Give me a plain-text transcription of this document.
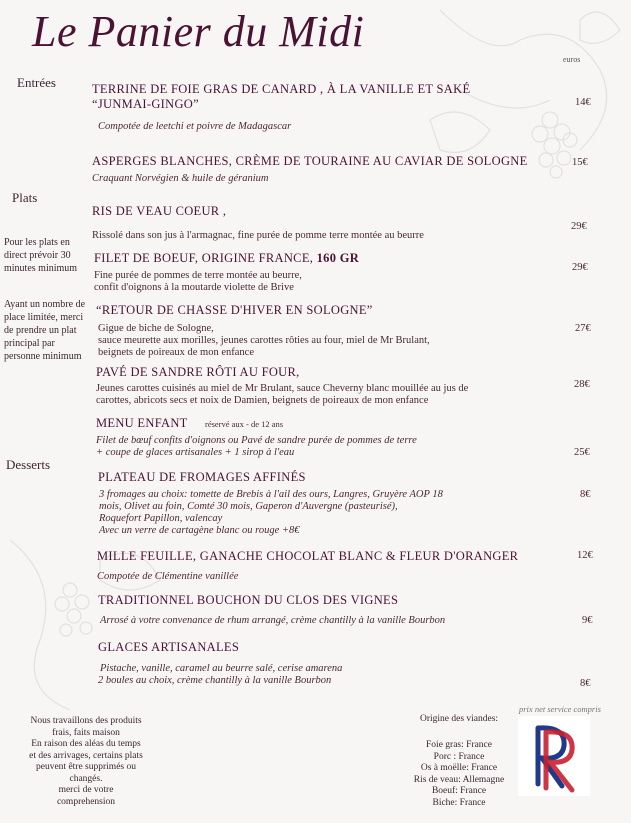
Le Panier du Midi
euros
Entrées
Plats
Desserts
Pour les plats en direct prévoir 30 minutes minimum
Ayant un nombre de place limitée, merci de prendre un plat principal par personne minimum
TERRINE DE FOIE GRAS DE CANARD , À LA VANILLE ET SAKÉ
“JUNMAI-GINGO”
Compotée de leetchi et poivre de Madagascar
14€
ASPERGES BLANCHES, CRÈME DE TOURAINE AU CAVIAR DE SOLOGNE
Craquant Norvégien & huile de géranium
15€
RIS DE VEAU COEUR ,
Rissolé dans son jus à l'armagnac, fine purée de pomme terre montée au beurre
29€
FILET DE BOEUF, ORIGINE FRANCE, 160 GR
Fine purée de pommes de terre montée au beurre,
confit d'oignons à la moutarde violette de Brive
29€
“RETOUR DE CHASSE D'HIVER EN SOLOGNE”
Gigue de biche de Sologne,
sauce meurette aux morilles, jeunes carottes rôties au four, miel de Mr Brulant,
beignets de poireaux de mon enfance
27€
PAVÉ DE SANDRE RÔTI AU FOUR,
Jeunes carottes cuisinés au miel de Mr Brulant, sauce Cheverny blanc mouillée au jus de
carottes, abricots secs et noix de Damien, beignets de poireaux de mon enfance
28€
MENU ENFANT réservé aux - de 12 ans
Filet de bœuf confits d'oignons ou Pavé de sandre purée de pommes de terre
+ coupe de glaces artisanales + 1 sirop à l'eau	25€
PLATEAU DE FROMAGES AFFINÉS
3 fromages au choix: tomette de Brebis à l'ail des ours, Langres, Gruyère AOP 18
mois, Olivet au foin, Comté 30 mois, Gaperon d'Auvergne (pasteurisé),
Roquefort Papillon, valencay
Avec un verre de cartagène blanc ou rouge +8€
8€
MILLE FEUILLE, GANACHE CHOCOLAT BLANC & FLEUR D'ORANGER
Compotée de Clémentine vanillée
12€
TRADITIONNEL BOUCHON DU CLOS DES VIGNES
Arrosé à votre convenance de rhum arrangé, crème chantilly à la vanille Bourbon	9€
GLACES ARTISANALES
Pistache, vanille, caramel au beurre salé, cerise amarena
2 boules au choix, crème chantilly à la vanille Bourbon	8€
Nous travaillons des produits
frais, faits maison
En raison des aléas du temps
et des arrivages, certains plats
peuvent être supprimés ou
changés.
merci de votre
comprehension
Origine des viandes:
Foie gras: France
Porc : France
Os à moëlle: France
Ris de veau: Allemagne
Boeuf: France
Biche: France
prix net service compris
